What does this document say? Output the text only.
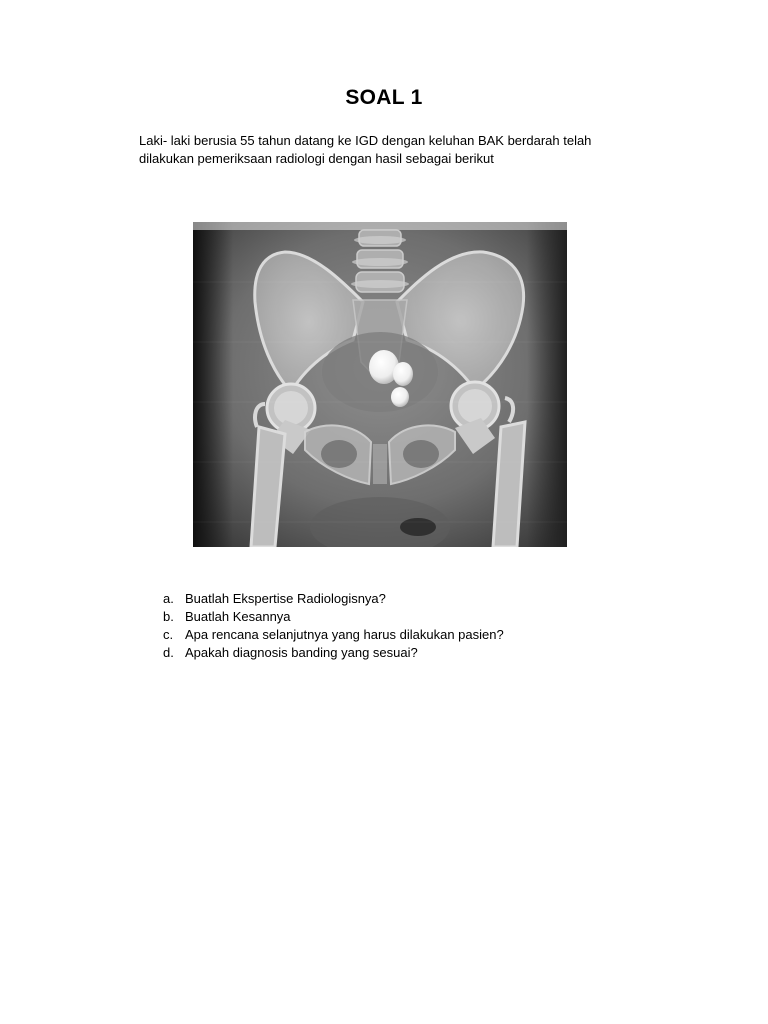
SOAL 1
Laki- laki berusia 55 tahun datang ke IGD dengan keluhan BAK berdarah telah
dilakukan pemeriksaan radiologi dengan hasil sebagai berikut
a. Buatlah Ekspertise Radiologisnya?
b. Buatlah Kesannya
c. Apa rencana selanjutnya yang harus dilakukan pasien?
d. Apakah diagnosis banding yang sesuai?
